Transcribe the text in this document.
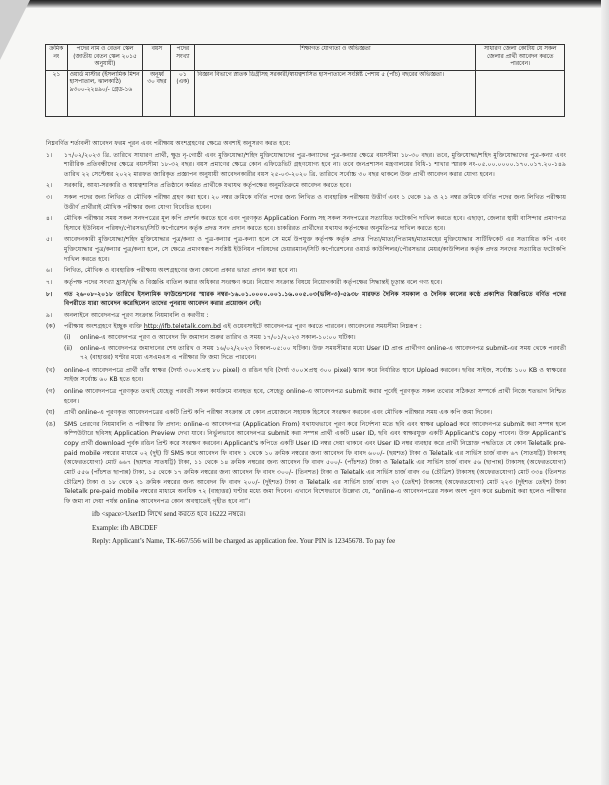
ক্রমিক নং	পদের নাম ও বেতন স্কেল (জাতীয় বেতন স্কেল ২০১৫ অনুযায়ী)	বয়স	পদের সংখ্যা	শিক্ষাগত যোগ্যতা ও অভিজ্ঞতা	সাধারণ জেলা কোটায় যে সকল জেলার প্রার্থী আবেদন করতে পারবেন।
২১	ওয়ার্ড মাস্টার (ইসলামিক মিশন হাসপাতাল, ঝালকাঠি) ৯৩০০-২২৪৯০/- গ্রেড-১৬	অনূর্ধ্ব ৩০ বছর	০১ (এক)	বিজ্ঞান বিভাগে স্নাতক ডিগ্রীসহ সরকারী/স্বায়ত্বশাসিত হাসপাতালে সংশ্লিষ্ট পেশায় ৫ (পাঁচ) বছরের অভিজ্ঞতা।	
নিম্নবর্ণিত শর্তাবলী আবেদন ফরম পূরন এবং পরীক্ষায় অংশগ্রহণের ক্ষেত্রে অবশ্যই অনুসরণ করত হবে:
১।	১৭/০২/২০২৩ খ্রি. তারিখে সাধারণ প্রার্থী, ক্ষুদ্র নৃ-গোষ্ঠী এবং মুক্তিযোদ্ধা/শহিদ মুক্তিযোদ্ধাদের পুত্র-কন্যাদের পুত্র-কন্যার ক্ষেত্রে বয়সসীমা ১৮-৩০ বছর। তবে, মুক্তিযোদ্ধা/শহিদ মুক্তিযোদ্ধাদের পুত্র-কন্যা এবং শারীরিক প্রতিবন্ধীদের ক্ষেত্রে বয়সসীমা ১৮-৩২ বছর। বয়স প্রমাণের ক্ষেত্রে কোন এফিডেভিট গ্রহণযোগ্য হবে না। তবে জনপ্রশাসন মন্ত্রণালয়ের বিধি-১ শাখার স্মারক নং-০৫.০০.০০০০.১৭০.০১৭.২০-১৪৯ তারিখ ২২ সেপ্টেম্বর ২০২২ মারফত জারিকৃত প্রজ্ঞাপন অনুযায়ী আবেদনকারীর বয়স ২৫-০৩-২০২০ খ্রি. তারিখে সর্বোচ্চ ৩০ বছর থাকলে উক্ত প্রার্থী আবেদন করার যোগ্য হবেন।
২।	সরকারি, আধা-সরকারি ও স্বায়ত্বশাসিত প্রতিষ্ঠানে কর্মরত প্রার্থীকে যথাযথ কর্তৃপক্ষের অনুমতিক্রমে আবেদন করতে হবে।
৩।	সকল পদের জন্য লিখিত ও মৌখিক পরীক্ষা গ্রহণ করা হবে। ২০ নম্বর ক্রমিকে বর্ণিত পদের জন্য লিখিত ও ব্যবহারিক পরীক্ষায় উত্তীর্ণ এবং ১ থেকে ১৯ ও ২১ নম্বর ক্রমিকে বর্ণিত পদের জন্য লিখিত পরীক্ষায় উত্তীর্ণ প্রার্থীরাই মৌখিক পরীক্ষার জন্য যোগ্য বিবেচিত হবেন।
৪।	মৌখিক পরীক্ষার সময় সকল সনদপত্রের মূল কপি প্রদর্শন করতে হবে এবং পূরণকৃত Application Form সহ সকল সনদপত্রের সত্যায়িত ফটোকপি দাখিল করতে হবে। এছাড়া, জেলার স্থায়ী বাসিন্দার প্রমাণপত্র হিসাবে ইউনিয়ন পরিষদ/পৌরসভা/সিটি কর্পোরেশন কর্তৃক প্রদত্ত সনদ প্রদান করতে হবে। চাকরিরত প্রার্থীদের যথাযথ কর্তৃপক্ষের অনুমতিপত্র দাখিল করতে হবে।
৫।	আবেদনকারী মুক্তিযোদ্ধা/শহিদ মুক্তিযোদ্ধার পুত্র/কন্যা ও পুত্র-কন্যার পুত্র-কন্যা হলে সে মর্মে উপযুক্ত কর্তৃপক্ষ কর্তৃক প্রদত্ত পিতা/মাতা/পিতামহ/মাতামহের মুক্তিযোদ্ধার সার্টিফিকেট এর সত্যায়িত কপি এবং মুক্তিযোদ্ধার পুত্র/কন্যার পুত্র/কন্যা হলে, সে ক্ষেত্রে প্রমাণস্বরূপ সংশ্লিষ্ট ইউনিয়ন পরিষদের চেয়ারম্যান/সিটি কর্পোরেশনের ওয়ার্ড কাউন্সিলর/পৌরসভার মেয়র/কাউন্সিলর কর্তৃক প্রদত্ত সনদের সত্যায়িত ফটোকপি দাখিল করতে হবে।
৬।	লিখিত, মৌখিক ও ব্যবহারিক পরীক্ষায় অংশগ্রহণের জন্য কোনো প্রকার ভাতা প্রদান করা হবে না।
৭।	কর্তৃপক্ষ পদের সংখ্যা হ্রাস/বৃদ্ধি ও বিজ্ঞপ্তি বাতিল করার অধিকার সংরক্ষণ করে। নিয়োগ সংক্রান্ত বিষয়ে নিয়োগকারী কর্তৃপক্ষের সিদ্ধান্তই চূড়ান্ত বলে গণ্য হবে।
৮।	গত ২৬-০৮-২০১৮ তারিখে ইসলামিক ফাউন্ডেশনের স্মারক নম্বর-১৬.০১.০০০০.০০১.১৬.০০৫.০৩(ভলি-৩)-৫৯৩৮ মারফত দৈনিক সমকাল ও দৈনিক কালের কণ্ঠে প্রকাশিত বিজ্ঞপ্তিতে বর্ণিত পদের বিপরীতে যারা আবেদন করেছিলেন তাদের পুনরায় আবেদন করার প্রয়োজন নেই।
৯।	অনলাইনে আবেদনপত্র পূরণ সংক্রান্ত নিয়মাবলি ও করণীয় :
(ক)	পরীক্ষায় অংশগ্রহণে ইচ্ছুক ব্যক্তি http://ifb.teletalk.com.bd এই ওয়েবসাইটে আবেদনপত্র পূরণ করতে পারবেন। আবেদনের সময়সীমা নিম্নরূপ :
(i)	online-এ আবেদনপত্র পূরণ ও আবেদন ফি জমাদান শুরুর তারিখ ও সময় ১৭/০১/২০২৩ সকাল-১০:০০ ঘটিকা।
(ii)	online-এ আবেদনপত্র জমাদানের শেষ তারিখ ও সময় ১৬/০২/২০২৩ বিকাল-০৫:০০ ঘটিকা। উক্ত সময়সীমার মধ্যে User ID প্রাপ্ত প্রার্থীগণ online-এ আবেদনপত্র submit-এর সময় থেকে পরবর্তী ৭২ (বাহাত্তর) ঘণ্টার মধ্যে এসএমএস এ পরীক্ষার ফি জমা দিতে পারবেন।
(খ)	online-এ আবেদনপত্রে প্রার্থী তাঁর স্বাক্ষর (দৈর্ঘ্য ৩০০×প্রস্থ ৮০ pixel) ও রঙিন ছবি (দৈর্ঘ্য ৩০০×প্রস্থ ৩০০ pixel) স্ক্যান করে নির্ধারিত স্থানে Upload করবেন। ছবির সাইজ, সর্বোচ্চ ১০০ KB ও স্বাক্ষরের সাইজ সর্বোচ্চ ৬০ KB হতে হবে।
(গ)	online আবেদনপত্রে পূরণকৃত তথ্যই যেহেতু পরবর্তী সকল কার্যক্রমে ব্যবহৃত হবে, সেহেতু online-এ আবেদনপত্র submit করার পূর্বেই পূরণকৃত সকল তথ্যের সঠিকতা সম্পর্কে প্রার্থী নিজে শতভাগ নিশ্চিত হবেন।
(ঘ)	প্রার্থী online-এ পূরণকৃত আবেদনপত্রের একটি প্রিন্ট কপি পরীক্ষা সংক্রান্ত যে কোন প্রয়োজনে সহায়ক হিসেবে সংরক্ষণ করবেন এবং মৌখিক পরীক্ষার সময় এক কপি জমা দিবেন।
(ঙ)	SMS প্রেরণের নিয়মাবলি ও পরীক্ষার ফি প্রদান: online-এ আবেদনপত্র (Application From) যথাযথভাবে পূরণ করে নির্দেশনা মতে ছবি এবং স্বাক্ষর upload করে আবেদনপত্র submit করা সম্পন্ন হলে কম্পিউটারে ছবিসহ Application Preview দেখা যাবে। নির্ভুলভাবে আবেদনপত্র submit করা সম্পন্ন প্রার্থী একটি user ID, ছবি এবং স্বাক্ষরযুক্ত একটি Applicant's copy পাবেন। উক্ত Applicant's copy প্রার্থী download পূর্বক রঙিন প্রিন্ট করে সংরক্ষণ করবেন। Applicant's কপিতে একটি User ID নম্বর দেয়া থাকবে এবং User ID নম্বর ব্যবহার করে প্রার্থী নিম্নোক্ত পদ্ধতিতে যে কোন Teletalk pre-paid mobile নম্বরের মাধ্যমে ০২ (দুই) টি SMS করে আবেদন ফি বাবদ ১ থেকে ১০ ক্রমিক নম্বরের জন্য আবেদন ফি বাবদ ৬০০/- (ছয়শত) টাকা ও Teletalk এর সার্ভিস চার্জ বাবদ ৬৭ (সাতষট্টি) টাকাসহ (অফেরতযোগ্য) মোট ৬৬৭ (ছয়শত সাতষট্টি) টাকা, ১১ থেকে ১৪ ক্রমিক নম্বরের জন্য আবেদন ফি বাবদ ৫০০/- (পাঁচশত) টাকা ও Teletalk এর সার্ভিস চার্জ বাবদ ৫৬ (ছাপান্ন) টাকাসহ (অফেরতযোগ্য) মোট ৫৫৬ (পাঁচশত ছাপান্ন) টাকা, ১৫ থেকে ১৭ ক্রমিক নম্বরের জন্য আবেদন ফি বাবদ ৩০০/- (তিনশত) টাকা ও Teletalk এর সার্ভিস চার্জ বাবদ ৩৪ (চৌত্রিশ) টাকাসহ (অফেরতযোগ্য) মোট ৩৩৪ (তিনশত চৌত্রিশ) টাকা ও ১৮ থেকে ২১ ক্রমিক নম্বরের জন্য আবেদন ফি বাবদ ২০০/- (দুইশত) টাকা ও Teletalk এর সার্ভিস চার্জ বাবদ ২৩ (তেইশ) টাকাসহ (অফেরতযোগ্য) মোট ২২৩ (দুইশত তেইশ) টাকা Teletalk pre-paid mobile নম্বরের মাধ্যমে অনধিক ৭২ (বাহাত্তর) ঘণ্টার মধ্যে জমা দিবেন। এখানে বিশেষভাবে উল্লেখ্য যে, “online-এ আবেদনপত্রের সকল অংশ পূরণ করে submit করা হলেও পরীক্ষার ফি জমা না দেয়া পর্যন্ত online আবেদনপত্র কোন অবস্থাতেই গৃহীত হবে না”।
ifb <space>UserID লিখে send করতে হবে 16222 নম্বরে।
Example: ifb ABCDEF
Reply: Applicant’s Name, TK-667/556 will be charged as application fee. Your PIN is 12345678. To pay fee
